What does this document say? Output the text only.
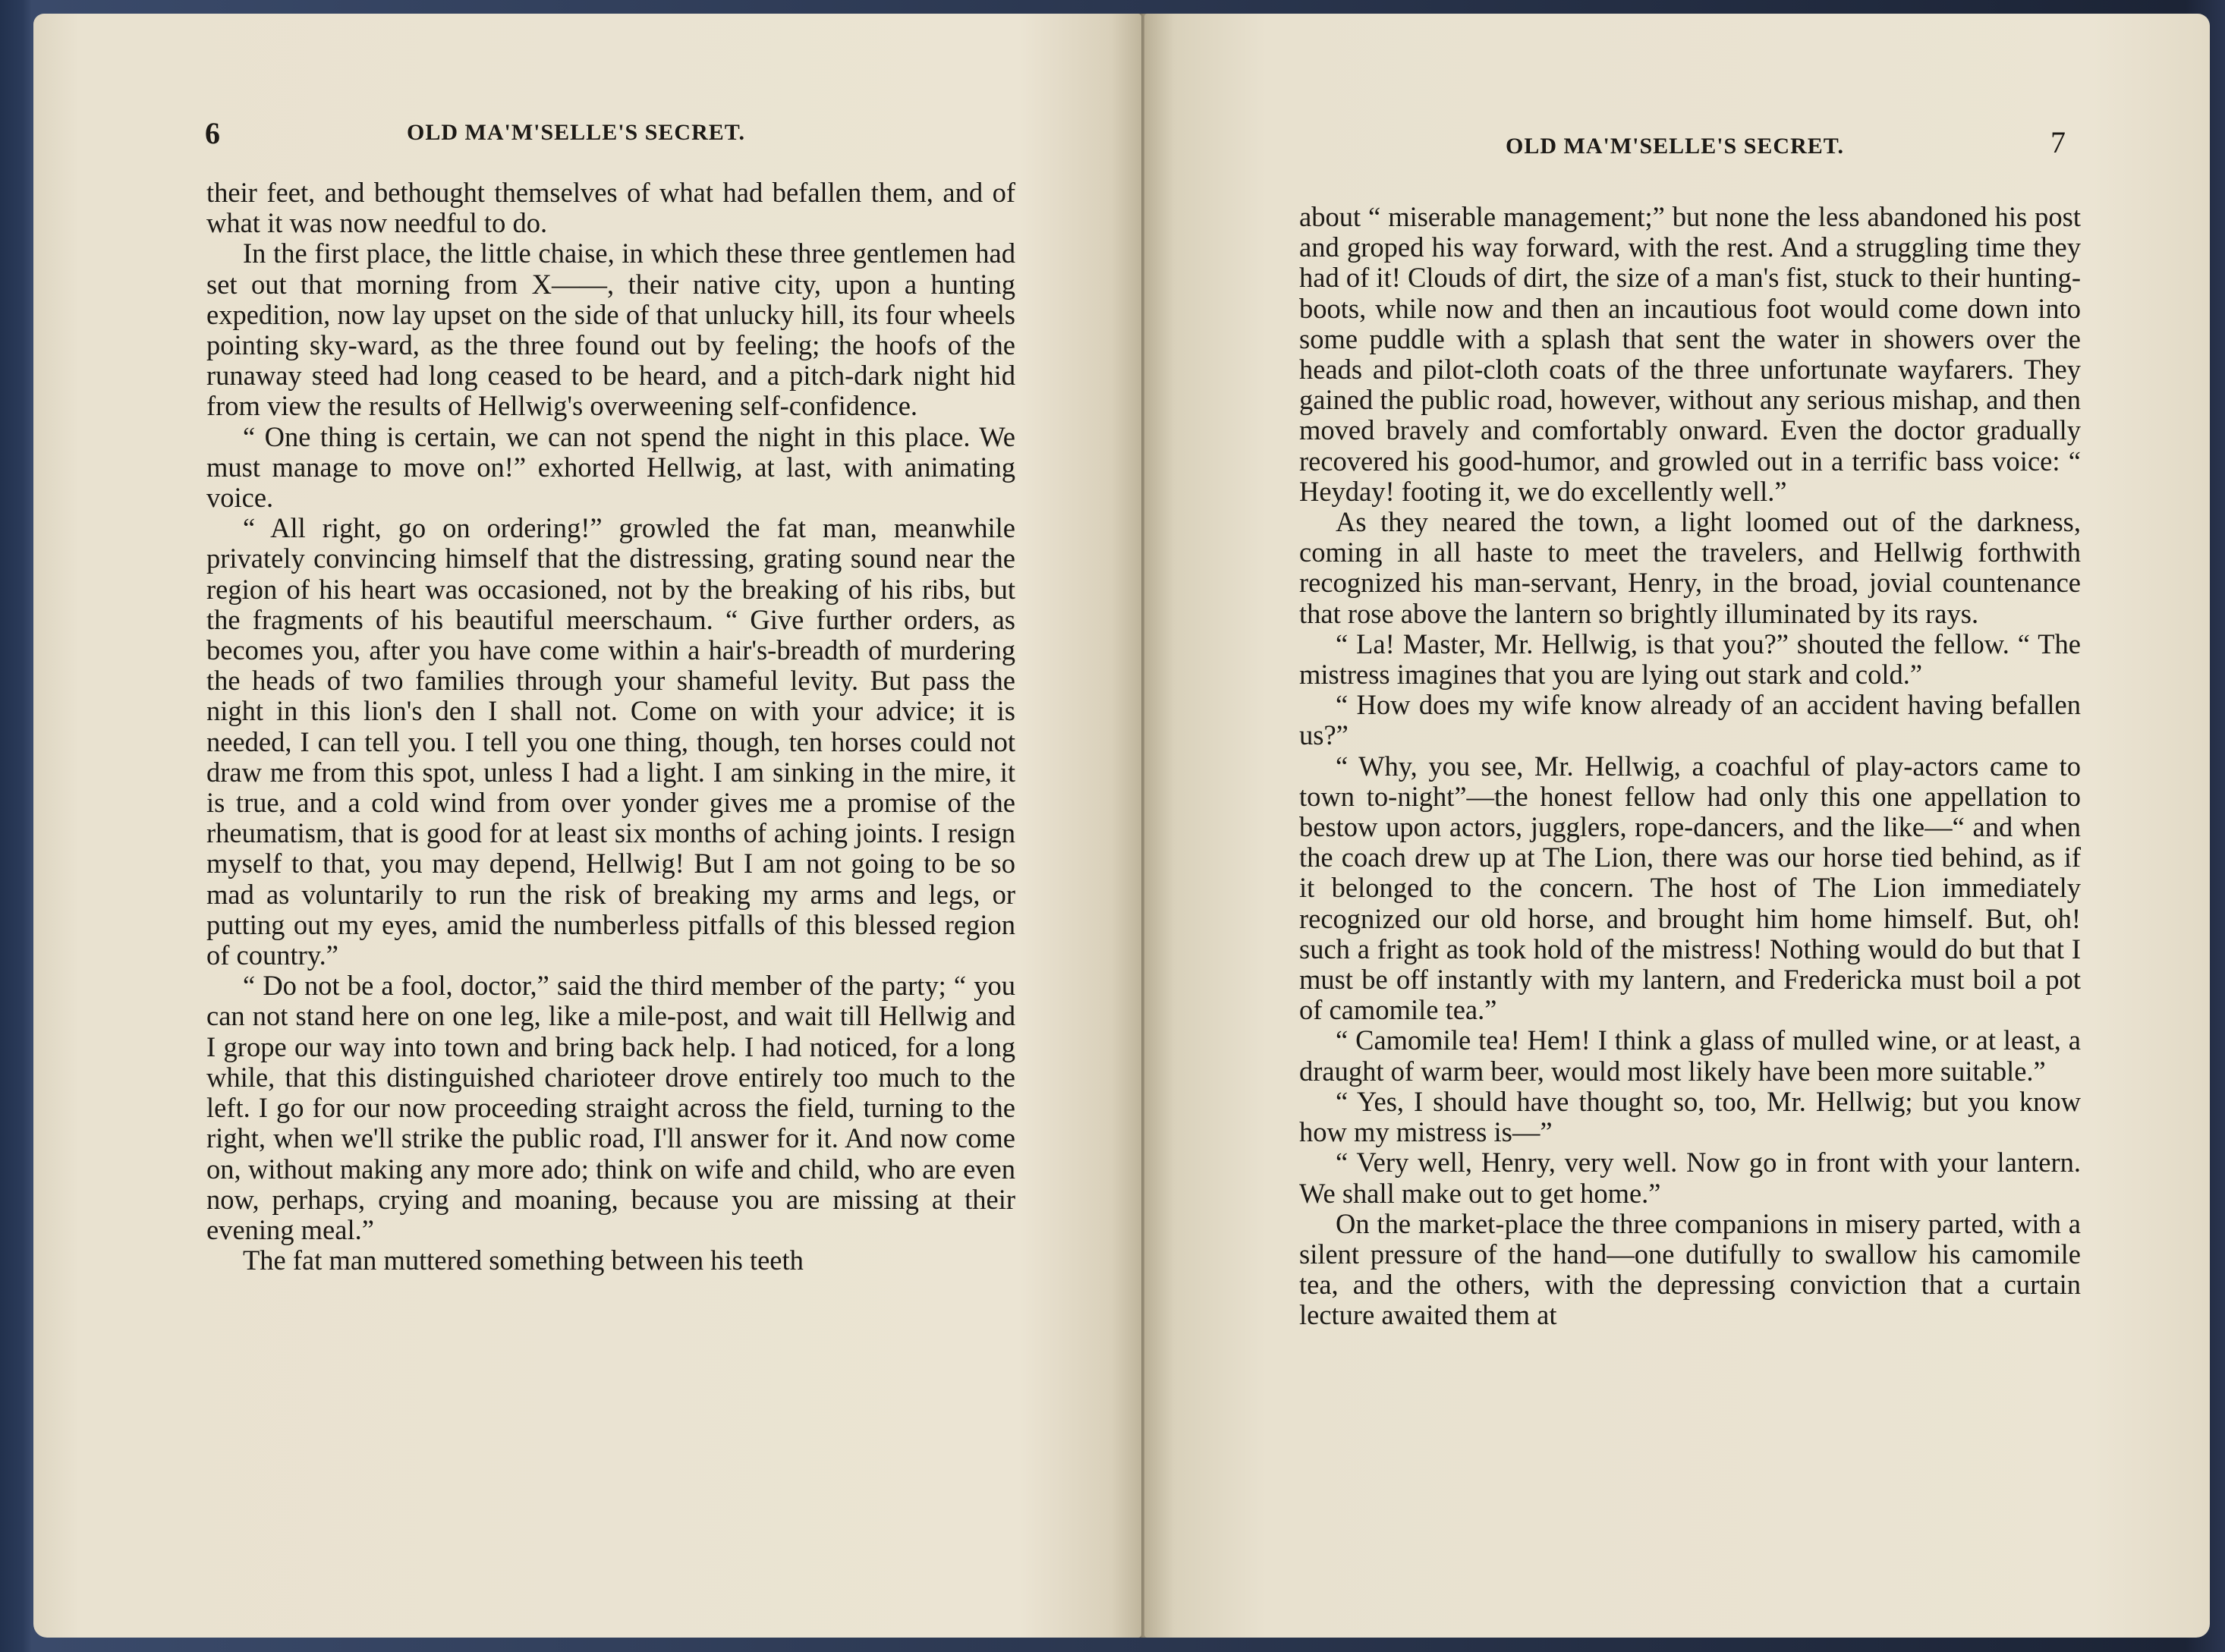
6	OLD MA'M'SELLE'S SECRET.

their feet, and bethought themselves of what had befallen them, and of what it was now needful to do.

In the first place, the little chaise, in which these three gentlemen had set out that morning from X——, their native city, upon a hunting expedition, now lay upset on the side of that unlucky hill, its four wheels pointing sky-ward, as the three found out by feeling; the hoofs of the runaway steed had long ceased to be heard, and a pitch-dark night hid from view the results of Hellwig's overweening self-confidence.

“ One thing is certain, we can not spend the night in this place. We must manage to move on!” exhorted Hellwig, at last, with animating voice.

“ All right, go on ordering!” growled the fat man, meanwhile privately convincing himself that the distressing, grating sound near the region of his heart was occasioned, not by the breaking of his ribs, but the fragments of his beautiful meerschaum. “ Give further orders, as becomes you, after you have come within a hair's-breadth of murdering the heads of two families through your shameful levity. But pass the night in this lion's den I shall not. Come on with your advice; it is needed, I can tell you. I tell you one thing, though, ten horses could not draw me from this spot, unless I had a light. I am sinking in the mire, it is true, and a cold wind from over yonder gives me a promise of the rheumatism, that is good for at least six months of aching joints. I resign myself to that, you may depend, Hellwig! But I am not going to be so mad as voluntarily to run the risk of breaking my arms and legs, or putting out my eyes, amid the numberless pitfalls of this blessed region of country.”

“ Do not be a fool, doctor,” said the third member of the party; “ you can not stand here on one leg, like a mile-post, and wait till Hellwig and I grope our way into town and bring back help. I had noticed, for a long while, that this distinguished charioteer drove entirely too much to the left. I go for our now proceeding straight across the field, turning to the right, when we'll strike the public road, I'll answer for it. And now come on, without making any more ado; think on wife and child, who are even now, perhaps, crying and moaning, because you are missing at their evening meal.”

The fat man muttered something between his teeth

OLD MA'M'SELLE'S SECRET.	7

about “ miserable management;” but none the less abandoned his post and groped his way forward, with the rest. And a struggling time they had of it! Clouds of dirt, the size of a man's fist, stuck to their hunting-boots, while now and then an incautious foot would come down into some puddle with a splash that sent the water in showers over the heads and pilot-cloth coats of the three unfortunate wayfarers. They gained the public road, however, without any serious mishap, and then moved bravely and comfortably onward. Even the doctor gradually recovered his good-humor, and growled out in a terrific bass voice: “ Heyday! footing it, we do excellently well.”

As they neared the town, a light loomed out of the darkness, coming in all haste to meet the travelers, and Hellwig forthwith recognized his man-servant, Henry, in the broad, jovial countenance that rose above the lantern so brightly illuminated by its rays.

“ La! Master, Mr. Hellwig, is that you?” shouted the fellow. “ The mistress imagines that you are lying out stark and cold.”

“ How does my wife know already of an accident having befallen us?”

“ Why, you see, Mr. Hellwig, a coachful of play-actors came to town to-night”—the honest fellow had only this one appellation to bestow upon actors, jugglers, rope-dancers, and the like—“ and when the coach drew up at The Lion, there was our horse tied behind, as if it belonged to the concern. The host of The Lion immediately recognized our old horse, and brought him home himself. But, oh! such a fright as took hold of the mistress! Nothing would do but that I must be off instantly with my lantern, and Fredericka must boil a pot of camomile tea.”

“ Camomile tea! Hem! I think a glass of mulled wine, or at least, a draught of warm beer, would most likely have been more suitable.”

“ Yes, I should have thought so, too, Mr. Hellwig; but you know how my mistress is—”

“ Very well, Henry, very well. Now go in front with your lantern. We shall make out to get home.”

On the market-place the three companions in misery parted, with a silent pressure of the hand—one dutifully to swallow his camomile tea, and the others, with the depressing conviction that a curtain lecture awaited them at
